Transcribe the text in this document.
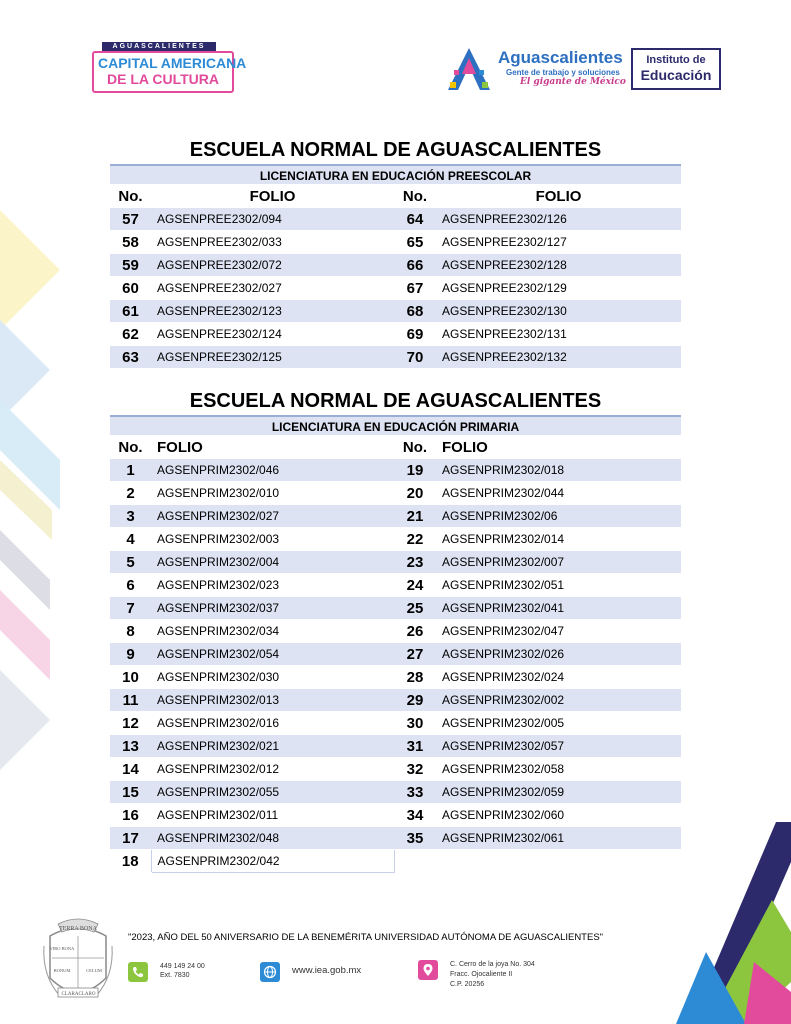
AGUASCALIENTES
CAPITAL AMERICANA
DE LA CULTURA
Aguascalientes
Gente de trabajo y soluciones
El gigante de México
Instituto de
Educación
ESCUELA NORMAL DE AGUASCALIENTES
LICENCIATURA EN EDUCACIÓN PREESCOLAR
No.	FOLIO	No.	FOLIO
57	AGSENPREE2302/094	64	AGSENPREE2302/126
58	AGSENPREE2302/033	65	AGSENPREE2302/127
59	AGSENPREE2302/072	66	AGSENPREE2302/128
60	AGSENPREE2302/027	67	AGSENPREE2302/129
61	AGSENPREE2302/123	68	AGSENPREE2302/130
62	AGSENPREE2302/124	69	AGSENPREE2302/131
63	AGSENPREE2302/125	70	AGSENPREE2302/132
ESCUELA NORMAL DE AGUASCALIENTES
LICENCIATURA EN EDUCACIÓN PRIMARIA
No.	FOLIO	No.	FOLIO
1	AGSENPRIM2302/046	19	AGSENPRIM2302/018
2	AGSENPRIM2302/010	20	AGSENPRIM2302/044
3	AGSENPRIM2302/027	21	AGSENPRIM2302/06
4	AGSENPRIM2302/003	22	AGSENPRIM2302/014
5	AGSENPRIM2302/004	23	AGSENPRIM2302/007
6	AGSENPRIM2302/023	24	AGSENPRIM2302/051
7	AGSENPRIM2302/037	25	AGSENPRIM2302/041
8	AGSENPRIM2302/034	26	AGSENPRIM2302/047
9	AGSENPRIM2302/054	27	AGSENPRIM2302/026
10	AGSENPRIM2302/030	28	AGSENPRIM2302/024
11	AGSENPRIM2302/013	29	AGSENPRIM2302/002
12	AGSENPRIM2302/016	30	AGSENPRIM2302/005
13	AGSENPRIM2302/021	31	AGSENPRIM2302/057
14	AGSENPRIM2302/012	32	AGSENPRIM2302/058
15	AGSENPRIM2302/055	33	AGSENPRIM2302/059
16	AGSENPRIM2302/011	34	AGSENPRIM2302/060
17	AGSENPRIM2302/048	35	AGSENPRIM2302/061
18	AGSENPRIM2302/042		
TERRA BONA
VIRO BONA
BONUM	CELUM
CLARA CLARO
"2023, AÑO DEL 50 ANIVERSARIO DE LA BENEMÉRITA UNIVERSIDAD AUTÓNOMA DE AGUASCALIENTES"
449 149 24 00
Ext. 7830	www.iea.gob.mx
C. Cerro de la joya No. 304
Fracc. Ojocaliente II
C.P. 20256
